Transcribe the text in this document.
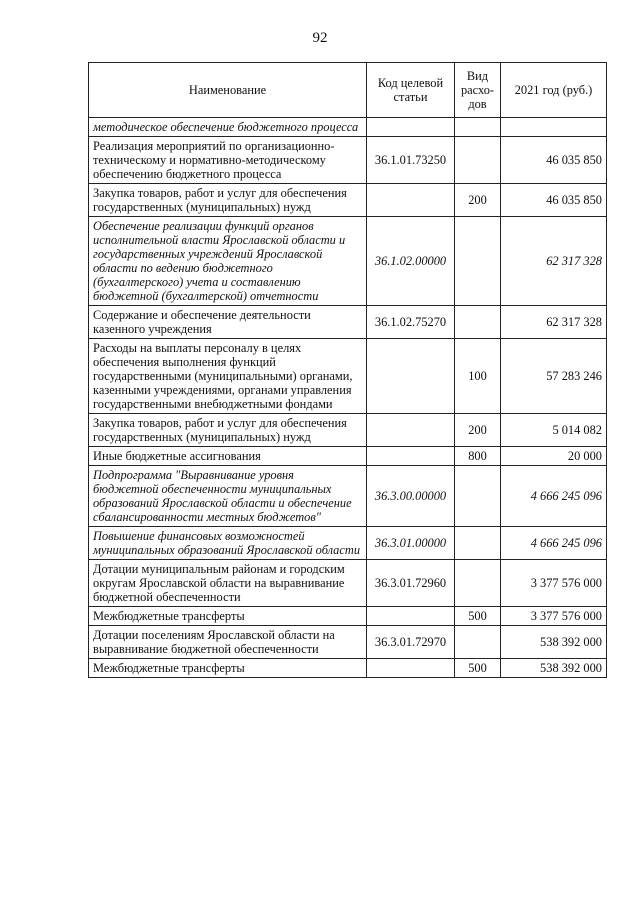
92
Наименование	Код целевой статьи	Вид расхо-дов	2021 год (руб.)
методическое обеспечение бюджетного процесса			
Реализация мероприятий по организационно-техническому и нормативно-методическому обеспечению бюджетного процесса	36.1.01.73250		46 035 850
Закупка товаров, работ и услуг для обеспечения государственных (муниципальных) нужд		200	46 035 850
Обеспечение реализации функций органов исполнительной власти Ярославской области и государственных учреждений Ярославской области по ведению бюджетного (бухгалтерского) учета и составлению бюджетной (бухгалтерской) отчетности	36.1.02.00000		62 317 328
Содержание и обеспечение деятельности казенного учреждения	36.1.02.75270		62 317 328
Расходы на выплаты персоналу в целях обеспечения выполнения функций государственными (муниципальными) органами, казенными учреждениями, органами управления государственными внебюджетными фондами		100	57 283 246
Закупка товаров, работ и услуг для обеспечения государственных (муниципальных) нужд		200	5 014 082
Иные бюджетные ассигнования		800	20 000
Подпрограмма "Выравнивание уровня бюджетной обеспеченности муниципальных образований Ярославской области и обеспечение сбалансированности местных бюджетов"	36.3.00.00000		4 666 245 096
Повышение финансовых возможностей муниципальных образований Ярославской области	36.3.01.00000		4 666 245 096
Дотации муниципальным районам и городским округам Ярославской области на выравнивание бюджетной обеспеченности	36.3.01.72960		3 377 576 000
Межбюджетные трансферты		500	3 377 576 000
Дотации поселениям Ярославской области на выравнивание бюджетной обеспеченности	36.3.01.72970		538 392 000
Межбюджетные трансферты		500	538 392 000
